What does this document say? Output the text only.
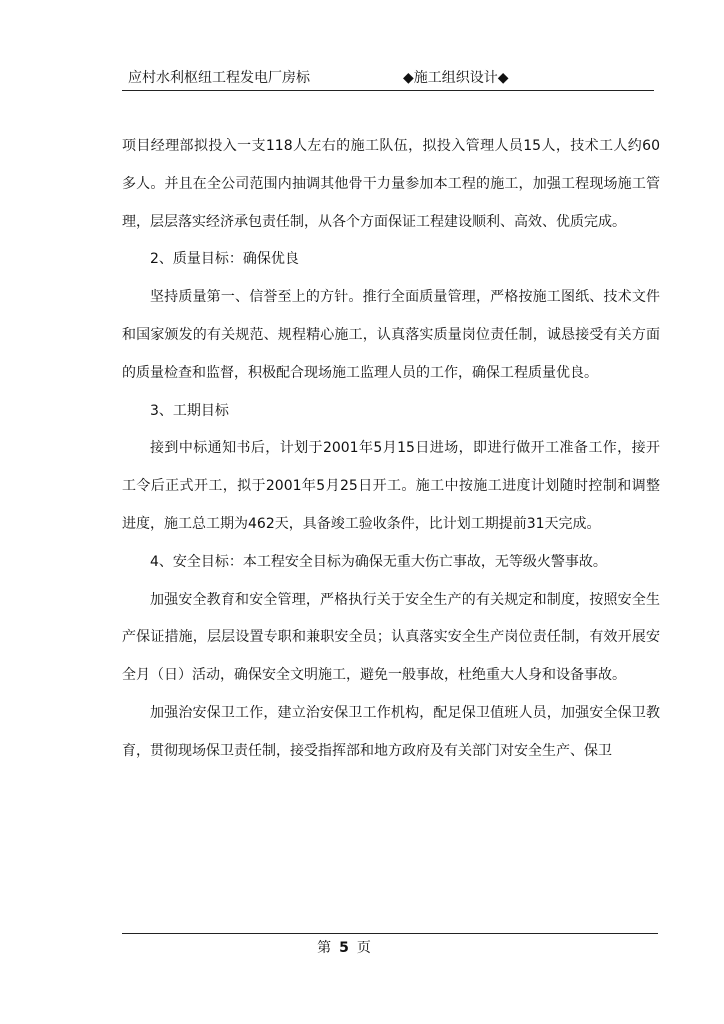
应村水利枢纽工程发电厂房标	◆施工组织设计◆

项目经理部拟投入一支118人左右的施工队伍，拟投入管理人员15人，技术工人约60多人。并且在全公司范围内抽调其他骨干力量参加本工程的施工，加强工程现场施工管理，层层落实经济承包责任制，从各个方面保证工程建设顺利、高效、优质完成。

2、质量目标：确保优良

坚持质量第一、信誉至上的方针。推行全面质量管理，严格按施工图纸、技术文件和国家颁发的有关规范、规程精心施工，认真落实质量岗位责任制，诚恳接受有关方面的质量检查和监督，积极配合现场施工监理人员的工作，确保工程质量优良。

3、工期目标

接到中标通知书后，计划于2001年5月15日进场，即进行做开工准备工作，接开工令后正式开工，拟于2001年5月25日开工。施工中按施工进度计划随时控制和调整进度，施工总工期为462天，具备竣工验收条件，比计划工期提前31天完成。

4、安全目标：本工程安全目标为确保无重大伤亡事故，无等级火警事故。

加强安全教育和安全管理，严格执行关于安全生产的有关规定和制度，按照安全生产保证措施，层层设置专职和兼职安全员；认真落实安全生产岗位责任制，有效开展安全月（日）活动，确保安全文明施工，避免一般事故，杜绝重大人身和设备事故。

加强治安保卫工作，建立治安保卫工作机构，配足保卫值班人员，加强安全保卫教育，贯彻现场保卫责任制，接受指挥部和地方政府及有关部门对安全生产、保卫

第 5 页
